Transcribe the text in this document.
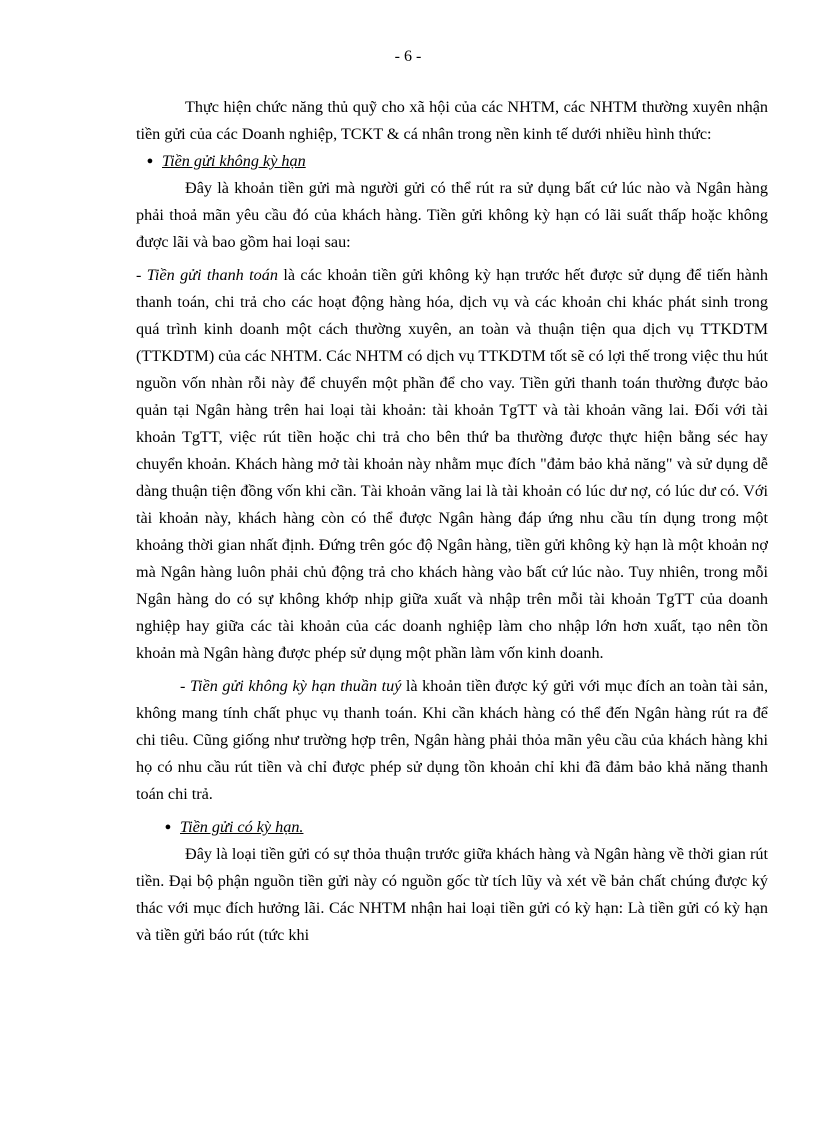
- 6 -

Thực hiện chức năng thủ quỹ cho xã hội của các NHTM, các NHTM thường xuyên nhận tiền gửi của các Doanh nghiệp, TCKT & cá nhân trong nền kinh tế dưới nhiều hình thức:

● Tiền gửi không kỳ hạn

Đây là khoản tiền gửi mà người gửi có thể rút ra sử dụng bất cứ lúc nào và Ngân hàng phải thoả mãn yêu cầu đó của khách hàng. Tiền gửi không kỳ hạn có lãi suất thấp hoặc không được lãi và bao gồm hai loại sau:

- Tiền gửi thanh toán là các khoản tiền gửi không kỳ hạn trước hết được sử dụng để tiến hành thanh toán, chi trả cho các hoạt động hàng hóa, dịch vụ và các khoản chi khác phát sinh trong quá trình kinh doanh một cách thường xuyên, an toàn và thuận tiện qua dịch vụ TTKDTM (TTKDTM) của các NHTM. Các NHTM có dịch vụ TTKDTM tốt sẽ có lợi thế trong việc thu hút nguồn vốn nhàn rỗi này để chuyển một phần để cho vay. Tiền gửi thanh toán thường được bảo quản tại Ngân hàng trên hai loại tài khoản: tài khoản TgTT và tài khoản vãng lai. Đối với tài khoản TgTT, việc rút tiền hoặc chi trả cho bên thứ ba thường được thực hiện bằng séc hay chuyển khoản. Khách hàng mở tài khoản này nhằm mục đích "đảm bảo khả năng" và sử dụng dễ dàng thuận tiện đồng vốn khi cần. Tài khoản vãng lai là tài khoản có lúc dư nợ, có lúc dư có. Với tài khoản này, khách hàng còn có thể được Ngân hàng đáp ứng nhu cầu tín dụng trong một khoảng thời gian nhất định. Đứng trên góc độ Ngân hàng, tiền gửi không kỳ hạn là một khoản nợ mà Ngân hàng luôn phải chủ động trả cho khách hàng vào bất cứ lúc nào. Tuy nhiên, trong mỗi Ngân hàng do có sự không khớp nhịp giữa xuất và nhập trên mỗi tài khoản TgTT của doanh nghiệp hay giữa các tài khoản của các doanh nghiệp làm cho nhập lớn hơn xuất, tạo nên tồn khoản mà Ngân hàng được phép sử dụng một phần làm vốn kinh doanh.

- Tiền gửi không kỳ hạn thuần tuý là khoản tiền được ký gửi với mục đích an toàn tài sản, không mang tính chất phục vụ thanh toán. Khi cần khách hàng có thể đến Ngân hàng rút ra để chi tiêu. Cũng giống như trường hợp trên, Ngân hàng phải thỏa mãn yêu cầu của khách hàng khi họ có nhu cầu rút tiền và chỉ được phép sử dụng tồn khoản chỉ khi đã đảm bảo khả năng thanh toán chi trả.

● Tiền gửi có kỳ hạn.

Đây là loại tiền gửi có sự thỏa thuận trước giữa khách hàng và Ngân hàng về thời gian rút tiền. Đại bộ phận nguồn tiền gửi này có nguồn gốc từ tích lũy và xét về bản chất chúng được ký thác với mục đích hưởng lãi. Các NHTM nhận hai loại tiền gửi có kỳ hạn: Là tiền gửi có kỳ hạn và tiền gửi báo rút (tức khi
